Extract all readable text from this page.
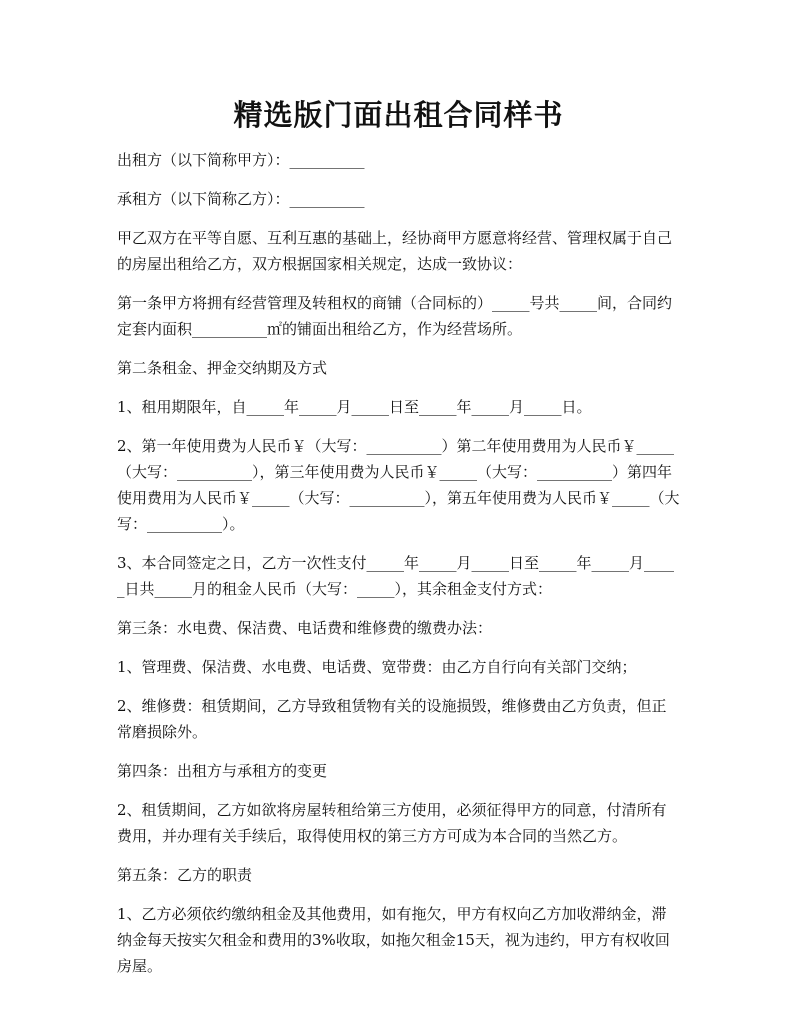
精选版门面出租合同样书

出租方（以下简称甲方）：__________

承租方（以下简称乙方）：__________

甲乙双方在平等自愿、互利互惠的基础上，经协商甲方愿意将经营、管理权属于自己的房屋出租给乙方，双方根据国家相关规定，达成一致协议：

第一条甲方将拥有经营管理及转租权的商铺（合同标的）_____号共_____间，合同约定套内面积__________㎡的铺面出租给乙方，作为经营场所。

第二条租金、押金交纳期及方式

1、租用期限年，自_____年_____月_____日至_____年_____月_____日。

2、第一年使用费为人民币￥（大写：__________）第二年使用费用为人民币￥_____（大写：__________），第三年使用费为人民币￥_____（大写：__________）第四年使用费用为人民币￥_____（大写：__________），第五年使用费为人民币￥_____（大写：__________）。

3、本合同签定之日，乙方一次性支付_____年_____月_____日至_____年_____月_____日共_____月的租金人民币（大写：_____），其余租金支付方式：

第三条：水电费、保洁费、电话费和维修费的缴费办法：

1、管理费、保洁费、水电费、电话费、宽带费：由乙方自行向有关部门交纳；

2、维修费：租赁期间，乙方导致租赁物有关的设施损毁，维修费由乙方负责，但正常磨损除外。

第四条：出租方与承租方的变更

2、租赁期间，乙方如欲将房屋转租给第三方使用，必须征得甲方的同意，付清所有费用，并办理有关手续后，取得使用权的第三方方可成为本合同的当然乙方。

第五条：乙方的职责

1、乙方必须依约缴纳租金及其他费用，如有拖欠，甲方有权向乙方加收滞纳金，滞纳金每天按实欠租金和费用的3%收取，如拖欠租金15天，视为违约，甲方有权收回房屋。
